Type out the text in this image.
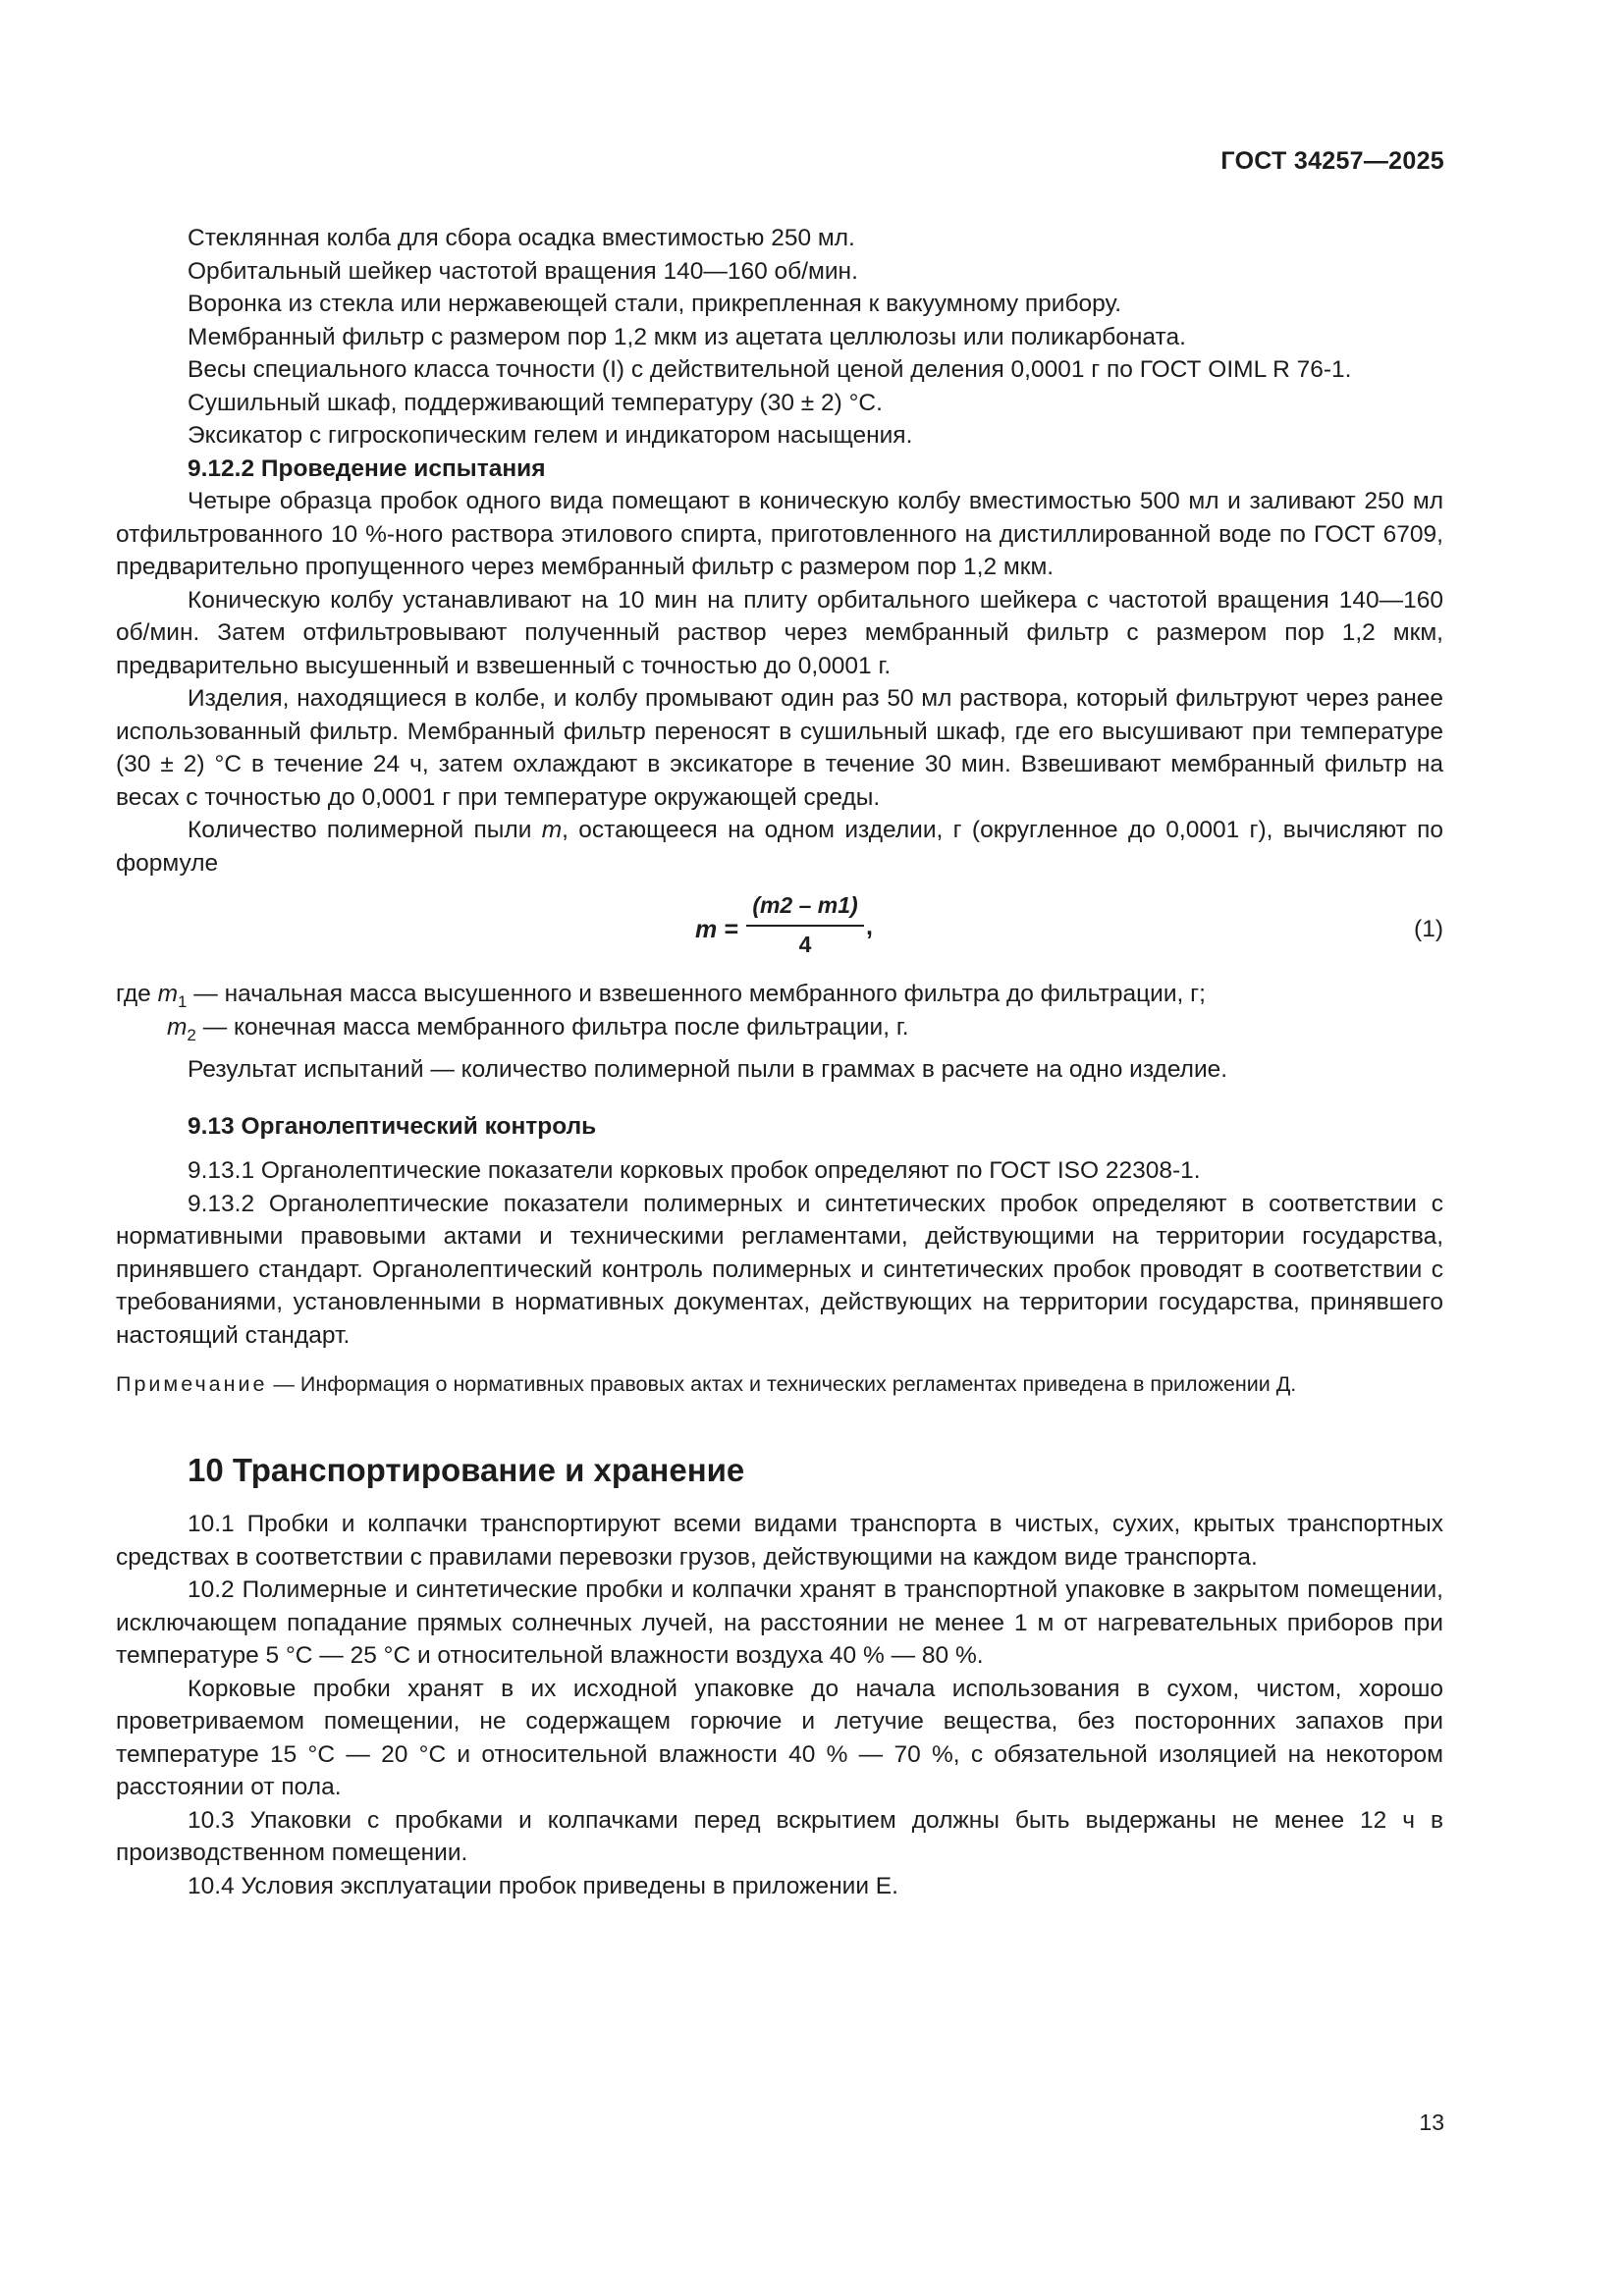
ГОСТ 34257—2025

Стеклянная колба для сбора осадка вместимостью 250 мл.

Орбитальный шейкер частотой вращения 140—160 об/мин.

Воронка из стекла или нержавеющей стали, прикрепленная к вакуумному прибору.

Мембранный фильтр с размером пор 1,2 мкм из ацетата целлюлозы или поликарбоната.

Весы специального класса точности (I) с действительной ценой деления 0,0001 г по ГОСТ OIML R 76-1.

Сушильный шкаф, поддерживающий температуру (30 ± 2) °С.

Эксикатор с гигроскопическим гелем и индикатором насыщения.

9.12.2 Проведение испытания

Четыре образца пробок одного вида помещают в коническую колбу вместимостью 500 мл и заливают 250 мл отфильтрованного 10 %-ного раствора этилового спирта, приготовленного на дистиллированной воде по ГОСТ 6709, предварительно пропущенного через мембранный фильтр с размером пор 1,2 мкм.

Коническую колбу устанавливают на 10 мин на плиту орбитального шейкера с частотой вращения 140—160 об/мин. Затем отфильтровывают полученный раствор через мембранный фильтр с размером пор 1,2 мкм, предварительно высушенный и взвешенный с точностью до 0,0001 г.

Изделия, находящиеся в колбе, и колбу промывают один раз 50 мл раствора, который фильтруют через ранее использованный фильтр. Мембранный фильтр переносят в сушильный шкаф, где его высушивают при температуре (30 ± 2) °С в течение 24 ч, затем охлаждают в эксикаторе в течение 30 мин. Взвешивают мембранный фильтр на весах с точностью до 0,0001 г при температуре окружающей среды.

Количество полимерной пыли m, остающееся на одном изделии, г (округленное до 0,0001 г), вычисляют по формуле

$m = \frac{(m2 - m1)}{4}$ ,	(1)

где $m_1$ — начальная масса высушенного и взвешенного мембранного фильтра до фильтрации, г;

$m_2$ — конечная масса мембранного фильтра после фильтрации, г.

Результат испытаний — количество полимерной пыли в граммах в расчете на одно изделие.

9.13 Органолептический контроль

9.13.1 Органолептические показатели корковых пробок определяют по ГОСТ ISO 22308-1.

9.13.2 Органолептические показатели полимерных и синтетических пробок определяют в соответствии с нормативными правовыми актами и техническими регламентами, действующими на территории государства, принявшего стандарт. Органолептический контроль полимерных и синтетических пробок проводят в соответствии с требованиями, установленными в нормативных документах, действующих на территории государства, принявшего настоящий стандарт.

Примечание — Информация о нормативных правовых актах и технических регламентах приведена в приложении Д.

10 Транспортирование и хранение

10.1 Пробки и колпачки транспортируют всеми видами транспорта в чистых, сухих, крытых транспортных средствах в соответствии с правилами перевозки грузов, действующими на каждом виде транспорта.

10.2 Полимерные и синтетические пробки и колпачки хранят в транспортной упаковке в закрытом помещении, исключающем попадание прямых солнечных лучей, на расстоянии не менее 1 м от нагревательных приборов при температуре 5 °С — 25 °С и относительной влажности воздуха 40 % — 80 %.

Корковые пробки хранят в их исходной упаковке до начала использования в сухом, чистом, хорошо проветриваемом помещении, не содержащем горючие и летучие вещества, без посторонних запахов при температуре 15 °С — 20 °С и относительной влажности 40 % — 70 %, с обязательной изоляцией на некотором расстоянии от пола.

10.3 Упаковки с пробками и колпачками перед вскрытием должны быть выдержаны не менее 12 ч в производственном помещении.

10.4 Условия эксплуатации пробок приведены в приложении Е.

13
